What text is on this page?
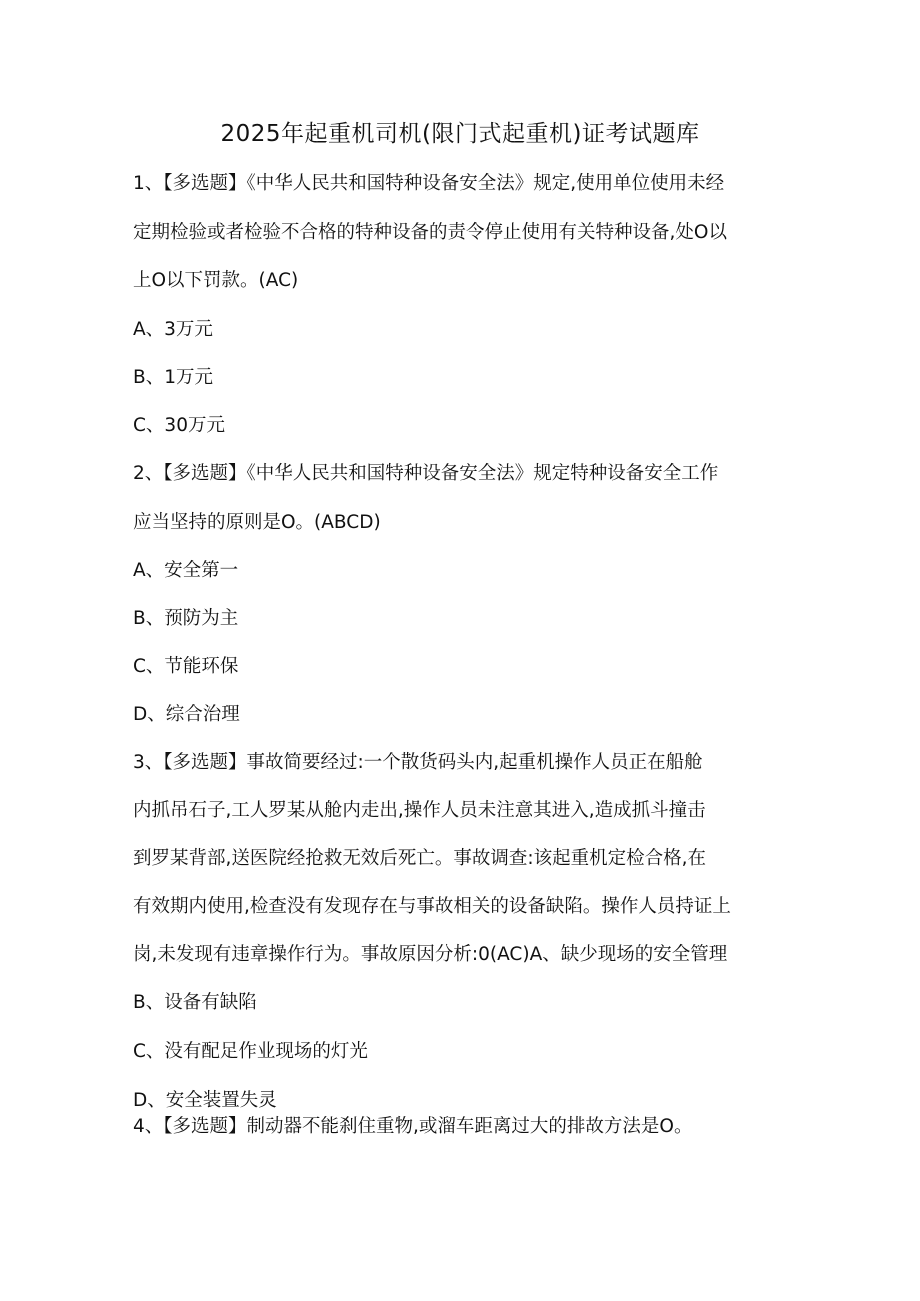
2025年起重机司机(限门式起重机)证考试题库
1、【多选题】《中华人民共和国特种设备安全法》规定,使用单位使用未经
定期检验或者检验不合格的特种设备的责令停止使用有关特种设备,处O以
上O以下罚款。(AC)
A、3万元
B、1万元
C、30万元
2、【多选题】《中华人民共和国特种设备安全法》规定特种设备安全工作
应当坚持的原则是O。(ABCD)
A、安全第一
B、预防为主
C、节能环保
D、综合治理
3、【多选题】事故简要经过:一个散货码头内,起重机操作人员正在船舱
内抓吊石子,工人罗某从舱内走出,操作人员未注意其进入,造成抓斗撞击
到罗某背部,送医院经抢救无效后死亡。事故调查:该起重机定检合格,在
有效期内使用,检查没有发现存在与事故相关的设备缺陷。操作人员持证上
岗,未发现有违章操作行为。事故原因分析:0(AC)A、缺少现场的安全管理
B、设备有缺陷
C、没有配足作业现场的灯光
D、安全装置失灵
4、【多选题】制动器不能刹住重物,或溜车距离过大的排故方法是O。
